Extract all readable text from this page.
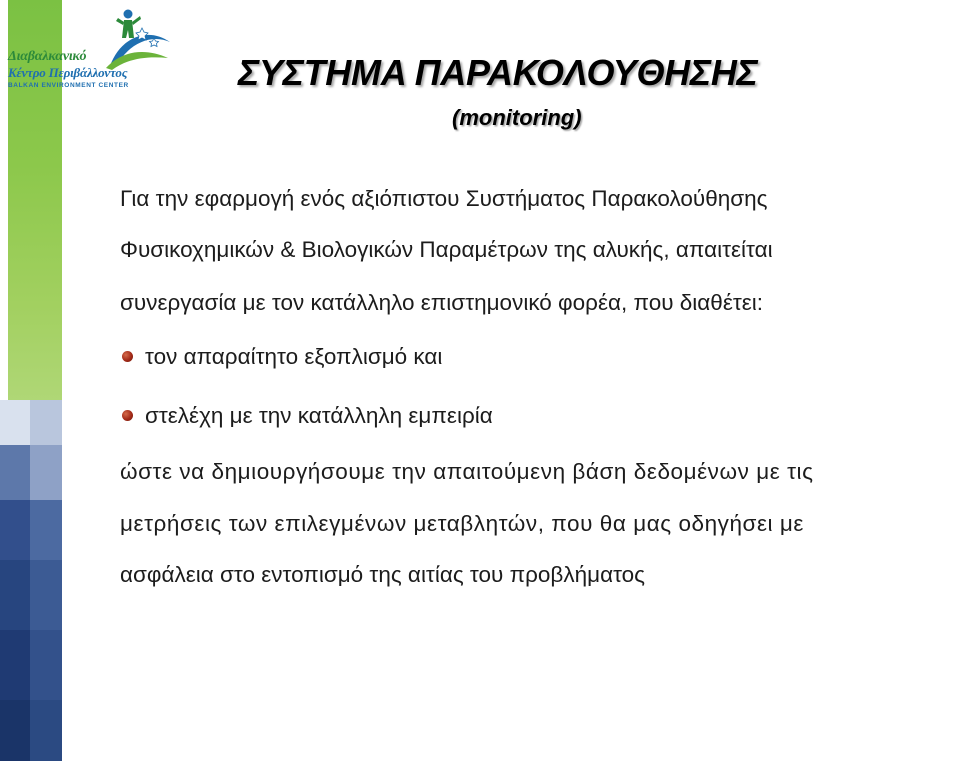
Διαβαλκανικό
Κέντρο Περιβάλλοντος
BALKAN ENVIRONMENT CENTER	ΣΥΣΤΗΜΑ ΠΑΡΑΚΟΛΟΥΘΗΣΗΣ
(monitoring)
Για την εφαρμογή ενός αξιόπιστου Συστήματος Παρακολούθησης
Φυσικοχημικών & Βιολογικών Παραμέτρων της αλυκής, απαιτείται
συνεργασία με τον κατάλληλο επιστημονικό φορέα, που διαθέτει:
τον απαραίτητο εξοπλισμό και
στελέχη με την κατάλληλη εμπειρία
ώστε να δημιουργήσουμε την απαιτούμενη βάση δεδομένων με τις
μετρήσεις των επιλεγμένων μεταβλητών, που θα μας οδηγήσει με
ασφάλεια στο εντοπισμό της αιτίας του προβλήματος
